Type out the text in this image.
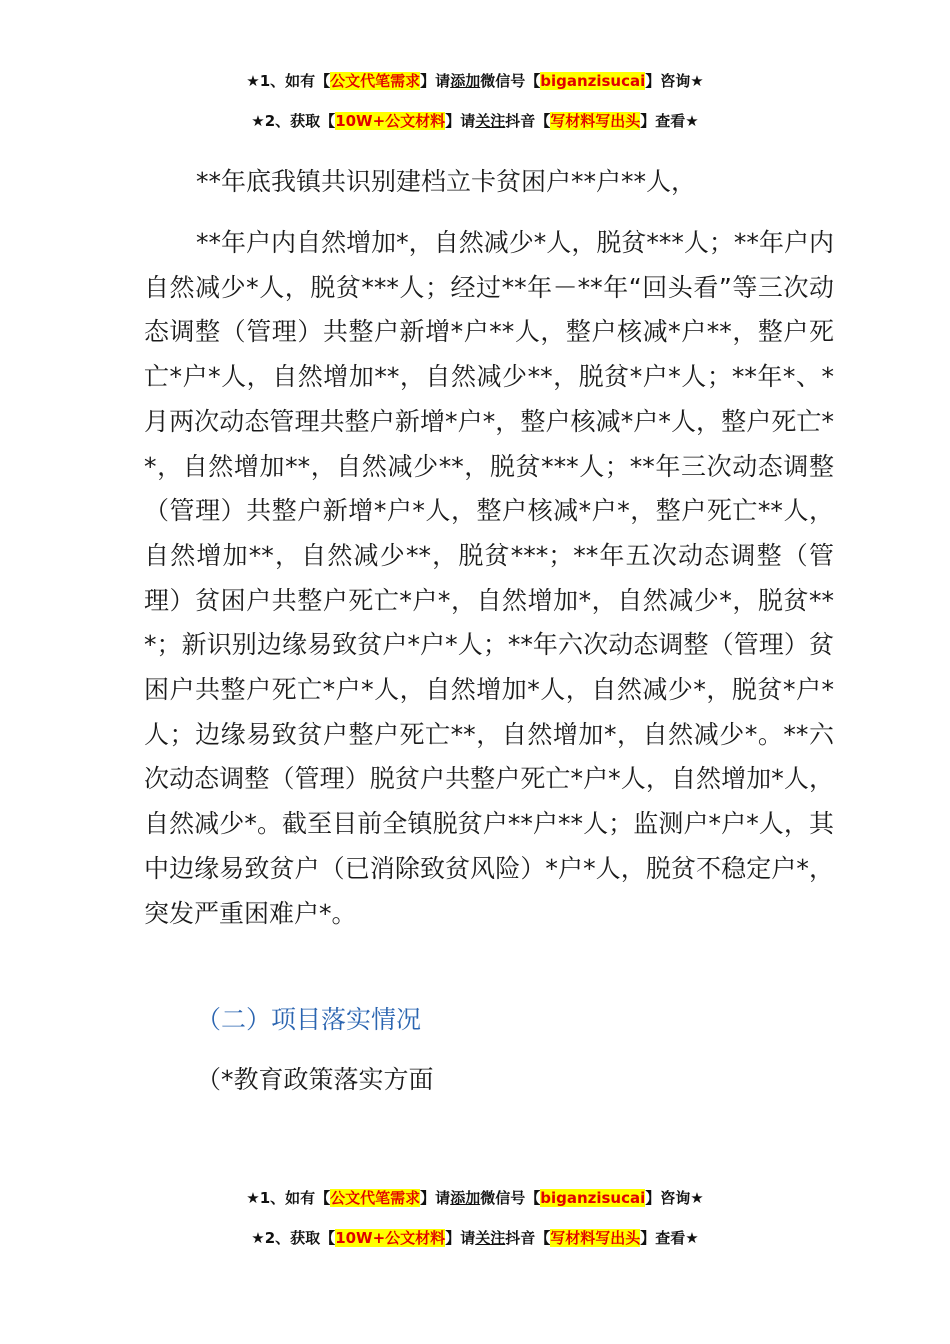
★1、如有【公文代笔需求】请添加微信号【biganzisucai】咨询★
★2、获取【10W+公文材料】请关注抖音【写材料写出头】查看★
**年底我镇共识别建档立卡贫困户**户**人，
**年户内自然增加*，自然减少*人，脱贫***人；**年户内自然减少*人，脱贫***人；经过**年－**年“回头看”等三次动态调整（管理）共整户新增*户**人，整户核减*户**，整户死亡*户*人，自然增加**，自然减少**，脱贫*户*人；**年*、*月两次动态管理共整户新增*户*，整户核减*户*人，整户死亡**，自然增加**，自然减少**，脱贫***人；**年三次动态调整（管理）共整户新增*户*人，整户核减*户*，整户死亡**人，自然增加**，自然减少**，脱贫***；**年五次动态调整（管理）贫困户共整户死亡*户*，自然增加*，自然减少*，脱贫***；新识别边缘易致贫户*户*人；**年六次动态调整（管理）贫困户共整户死亡*户*人，自然增加*人，自然减少*，脱贫*户*人；边缘易致贫户整户死亡**，自然增加*，自然减少*。**六次动态调整（管理）脱贫户共整户死亡*户*人，自然增加*人，自然减少*。截至目前全镇脱贫户**户**人；监测户*户*人，其中边缘易致贫户（已消除致贫风险）*户*人，脱贫不稳定户*，突发严重困难户*。
（二）项目落实情况
（*教育政策落实方面
★1、如有【公文代笔需求】请添加微信号【biganzisucai】咨询★
★2、获取【10W+公文材料】请关注抖音【写材料写出头】查看★
